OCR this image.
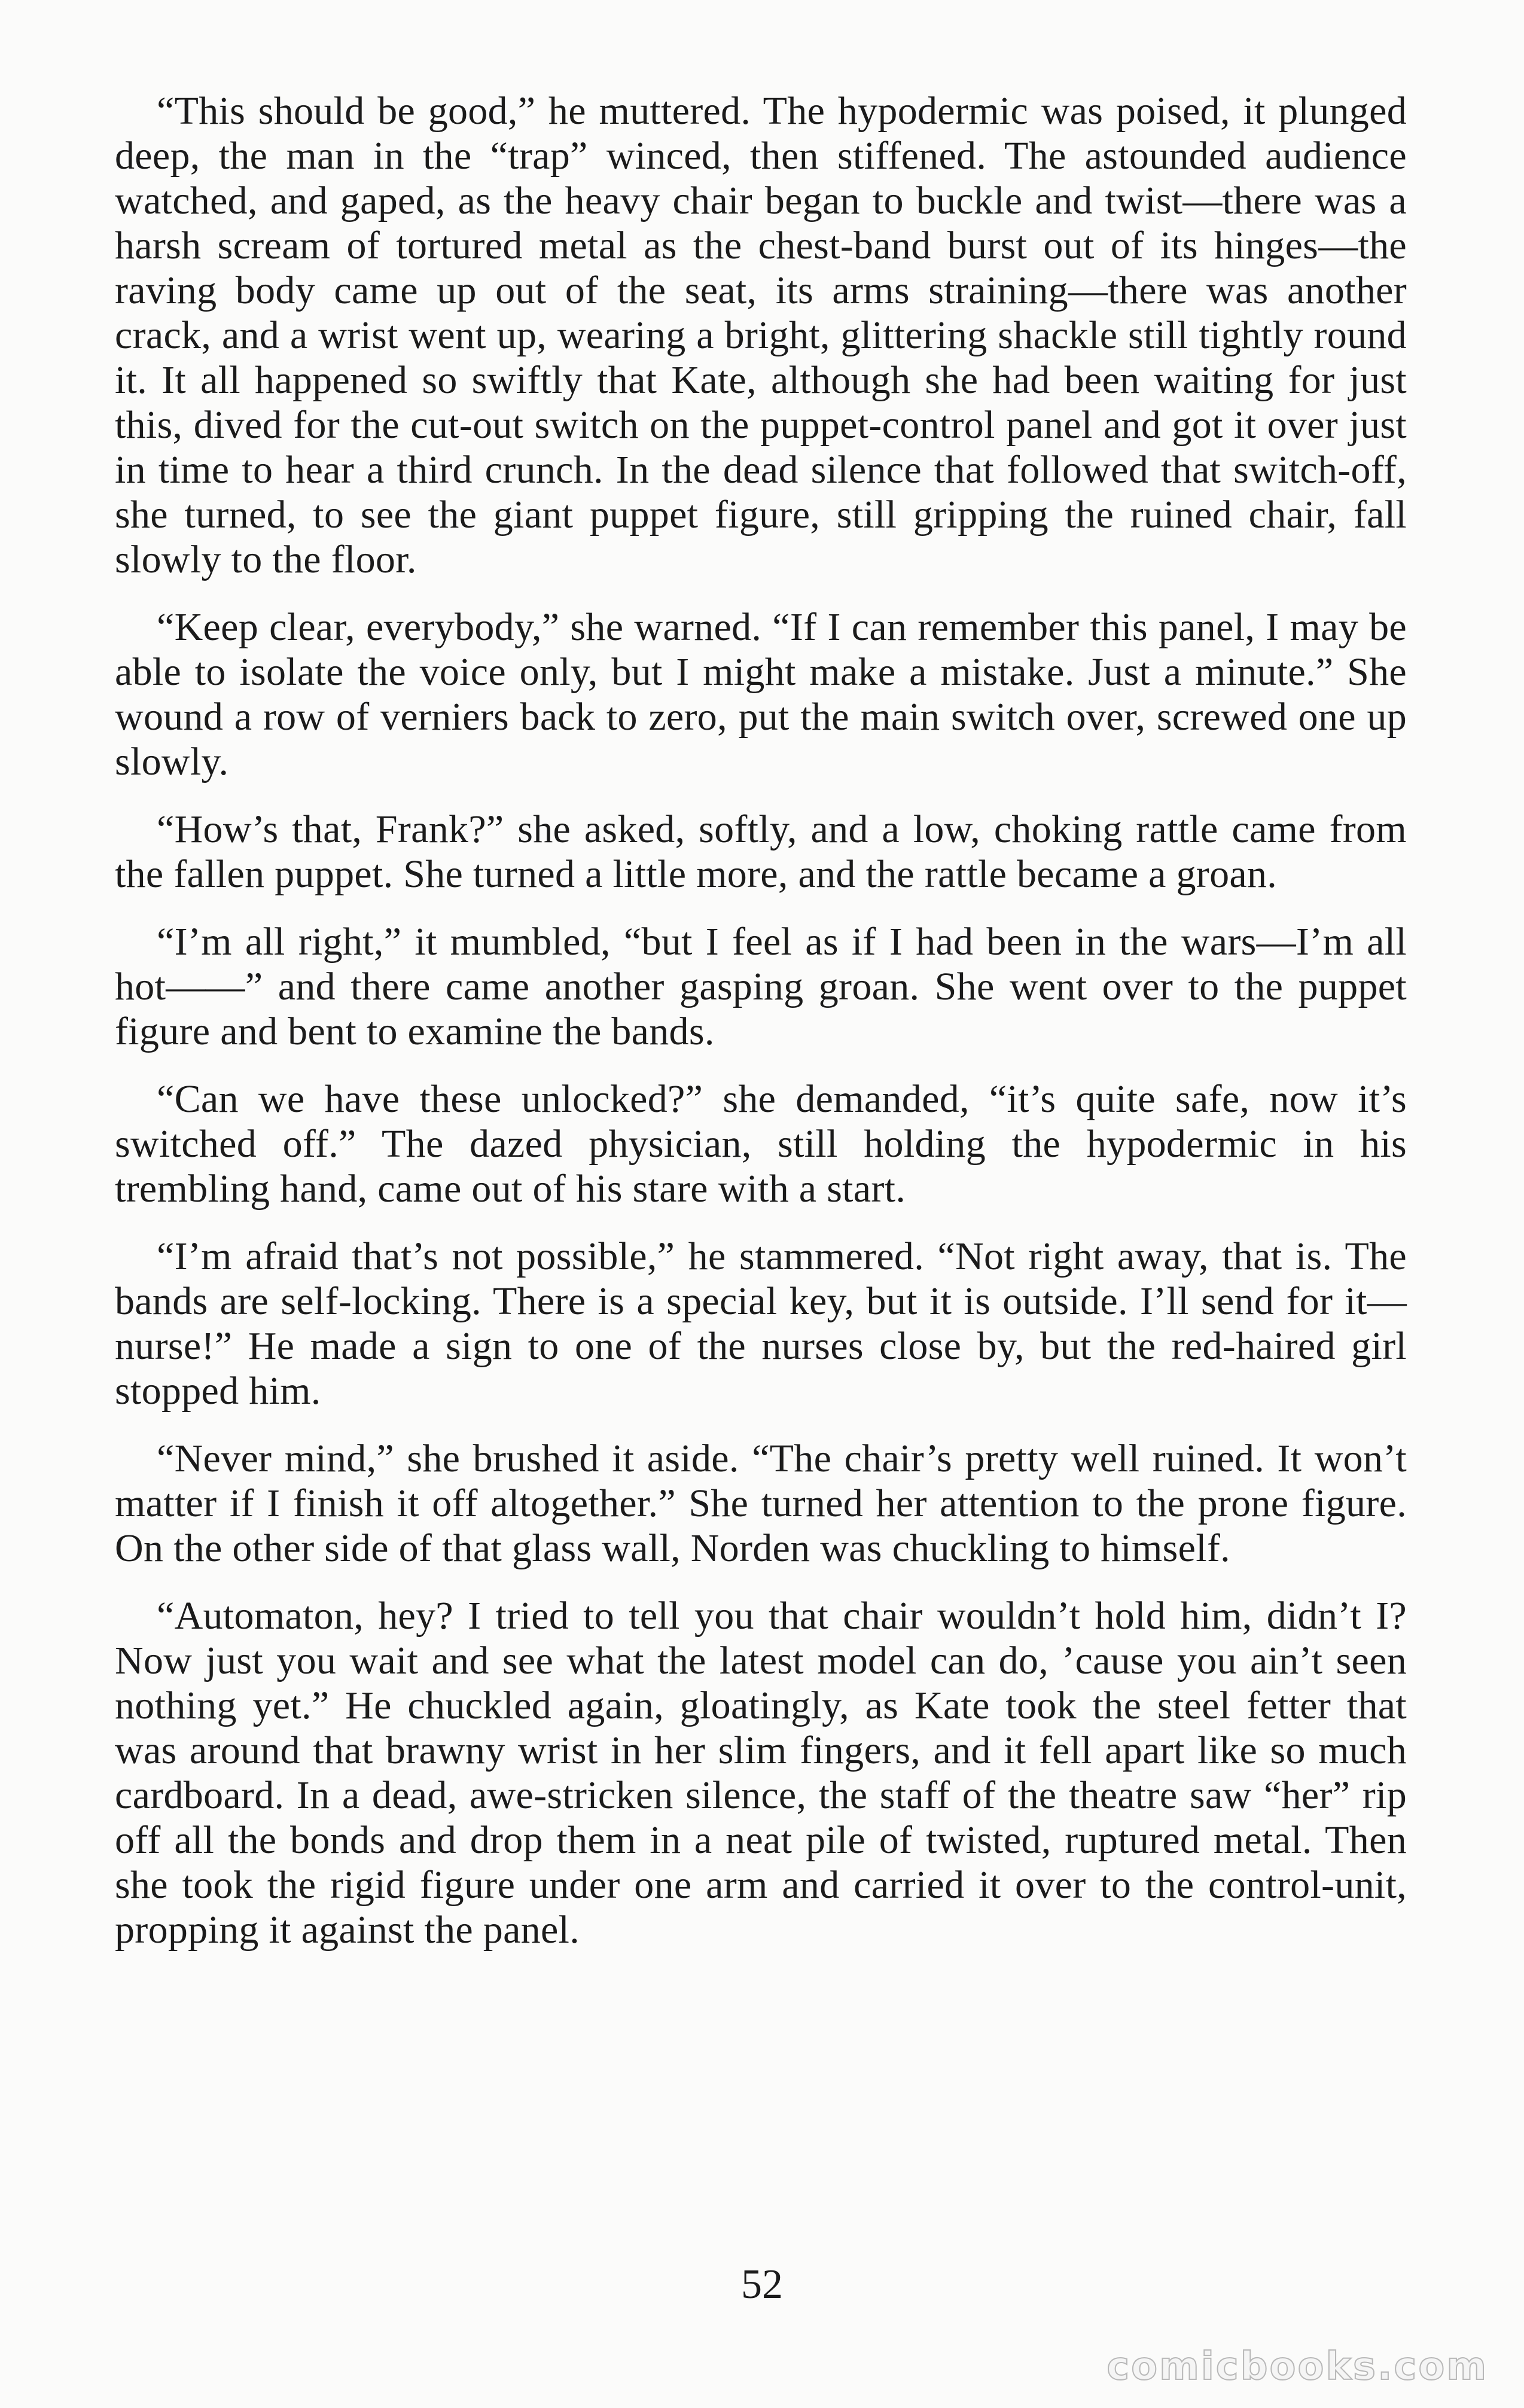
“This should be good,” he muttered. The hypodermic was poised, it plunged deep, the man in the “trap” winced, then stiffened. The astounded audience watched, and gaped, as the heavy chair began to buckle and twist—there was a harsh scream of tortured metal as the chest-band burst out of its hinges—the raving body came up out of the seat, its arms straining—there was another crack, and a wrist went up, wearing a bright, glittering shackle still tightly round it. It all happened so swiftly that Kate, although she had been waiting for just this, dived for the cut-out switch on the puppet-control panel and got it over just in time to hear a third crunch. In the dead silence that followed that switch-off, she turned, to see the giant puppet figure, still gripping the ruined chair, fall slowly to the floor.

“Keep clear, everybody,” she warned. “If I can remember this panel, I may be able to isolate the voice only, but I might make a mistake. Just a minute.” She wound a row of verniers back to zero, put the main switch over, screwed one up slowly.

“How’s that, Frank?” she asked, softly, and a low, choking rattle came from the fallen puppet. She turned a little more, and the rattle became a groan.

“I’m all right,” it mumbled, “but I feel as if I had been in the wars—I’m all hot——” and there came another gasping groan. She went over to the puppet figure and bent to examine the bands.

“Can we have these unlocked?” she demanded, “it’s quite safe, now it’s switched off.” The dazed physician, still holding the hypodermic in his trembling hand, came out of his stare with a start.

“I’m afraid that’s not possible,” he stammered. “Not right away, that is. The bands are self-locking. There is a special key, but it is outside. I’ll send for it—nurse!” He made a sign to one of the nurses close by, but the red-haired girl stopped him.

“Never mind,” she brushed it aside. “The chair’s pretty well ruined. It won’t matter if I finish it off altogether.” She turned her attention to the prone figure. On the other side of that glass wall, Norden was chuckling to himself.

“Automaton, hey? I tried to tell you that chair wouldn’t hold him, didn’t I? Now just you wait and see what the latest model can do, ’cause you ain’t seen nothing yet.” He chuckled again, gloatingly, as Kate took the steel fetter that was around that brawny wrist in her slim fingers, and it fell apart like so much cardboard. In a dead, awe-stricken silence, the staff of the theatre saw “her” rip off all the bonds and drop them in a neat pile of twisted, ruptured metal. Then she took the rigid figure under one arm and carried it over to the control-unit, propping it against the panel.

52
comicbooks.com
